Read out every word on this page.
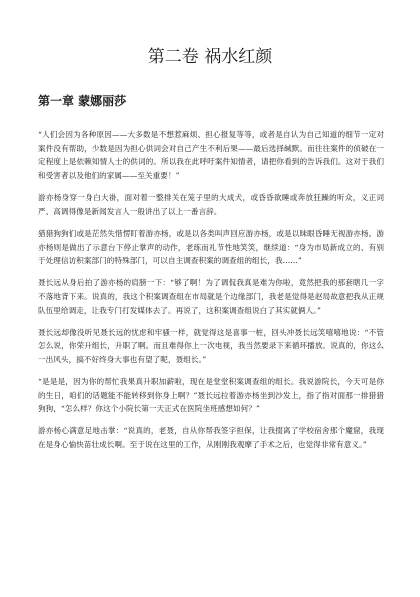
第二卷 祸水红颜
第一章 蒙娜丽莎

“人们会因为各种原因——大多数是不想惹麻烦、担心报复等等，或者是自认为自己知道的细节一定对案件没有帮助，少数是因为担心供词会对自己产生不利后果——最后选择缄默。而往往案件的侦破在一定程度上是依赖知情人士的供词的。所以我在此呼吁案件知情者，请把你看到的告诉我们。这对于我们和受害者以及他们的家属——至关重要！”

游亦杨身穿一身白大褂，面对着一整排关在笼子里的大成犬，或昏昏欲睡或奔放狂躁的听众，义正词严、高调得像是新闻发言人一般讲出了以上一番言辞。

猎猎狗狗们或是茫然失惜愣盯着游亦杨，或是以各类叫声回应游亦杨，或是以昧眼昏睡无视游亦杨。游亦杨则是做出了示意台下停止掌声的动作，老练而礼节性地笑笑，继续道：“身为市局新成立的、有别于处理信访积案部门的特殊部门，可以自主调查积案的调查组的组长，我……”

聂长远从身后拍了游亦杨的肩膀一下：“够了啊！为了调侃我真是难为你啦，竟然把我的那套瞎几一字不落地背下来。说真的，我这个积案调查组在市局就是个边缘部门，我老是觉得是赵局故意把我从正规队伍里给调走，让我专门打发媒体去了。再说了，这积案调查组说白了其实就俩人。”

聂长远却像没听见聂长远的忧虑和牢骚一样，就觉得这是喜事一桩，回头冲聂长远笑嘻嘻地说：“不管怎么说，你荣升组长，升职了啊。而且难得你上一次电视，我当然要录下来循环播放。说真的，你这么一出风头，搞不好终身大事也有望了呢，聂组长。”

“是是是，因为你的帮忙我果真升职加薪啦，现在是堂堂积案调查组的组长。我说游院长，今天可是你的生日，咱们的话题能不能转移到你身上啊？”聂长远拉着游亦杨坐到沙发上，指了指对面那一排猎猎狗狗，“怎么样？你这个小院长第一天正式在医院坐班感想如何？”

游亦杨心满意足地击掌：“说真的，老聂，自从你帮我签字担保，让我掇离了学校宿舍那个魔窟，我现在是身心愉快苗壮成长啊。至于说在这里的工作，从刚刚我观摩了手术之后，也觉得非常有意义。”
